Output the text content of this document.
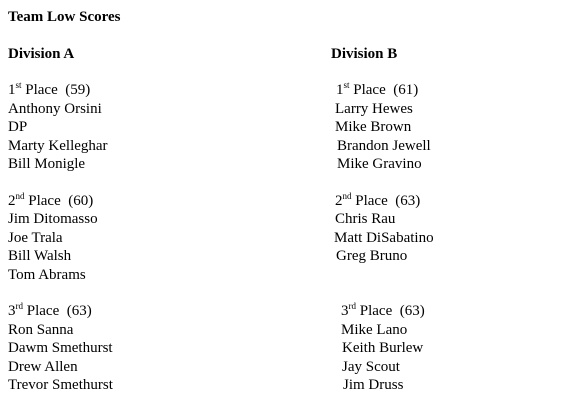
Team Low Scores
Division A	Division B
1st Place (59)
Anthony Orsini
DP
Marty Kelleghar
Bill Monigle
2nd Place (60)
Jim Ditomasso
Joe Trala
Bill Walsh
Tom Abrams
3rd Place (63)
Ron Sanna
Dawm Smethurst
Drew Allen
Trevor Smethurst
1st Place (61)
Larry Hewes
Mike Brown
Brandon Jewell
Mike Gravino
2nd Place (63)
Chris Rau
Matt DiSabatino
Greg Bruno
3rd Place (63)
Mike Lano
Keith Burlew
Jay Scout
Jim Druss
